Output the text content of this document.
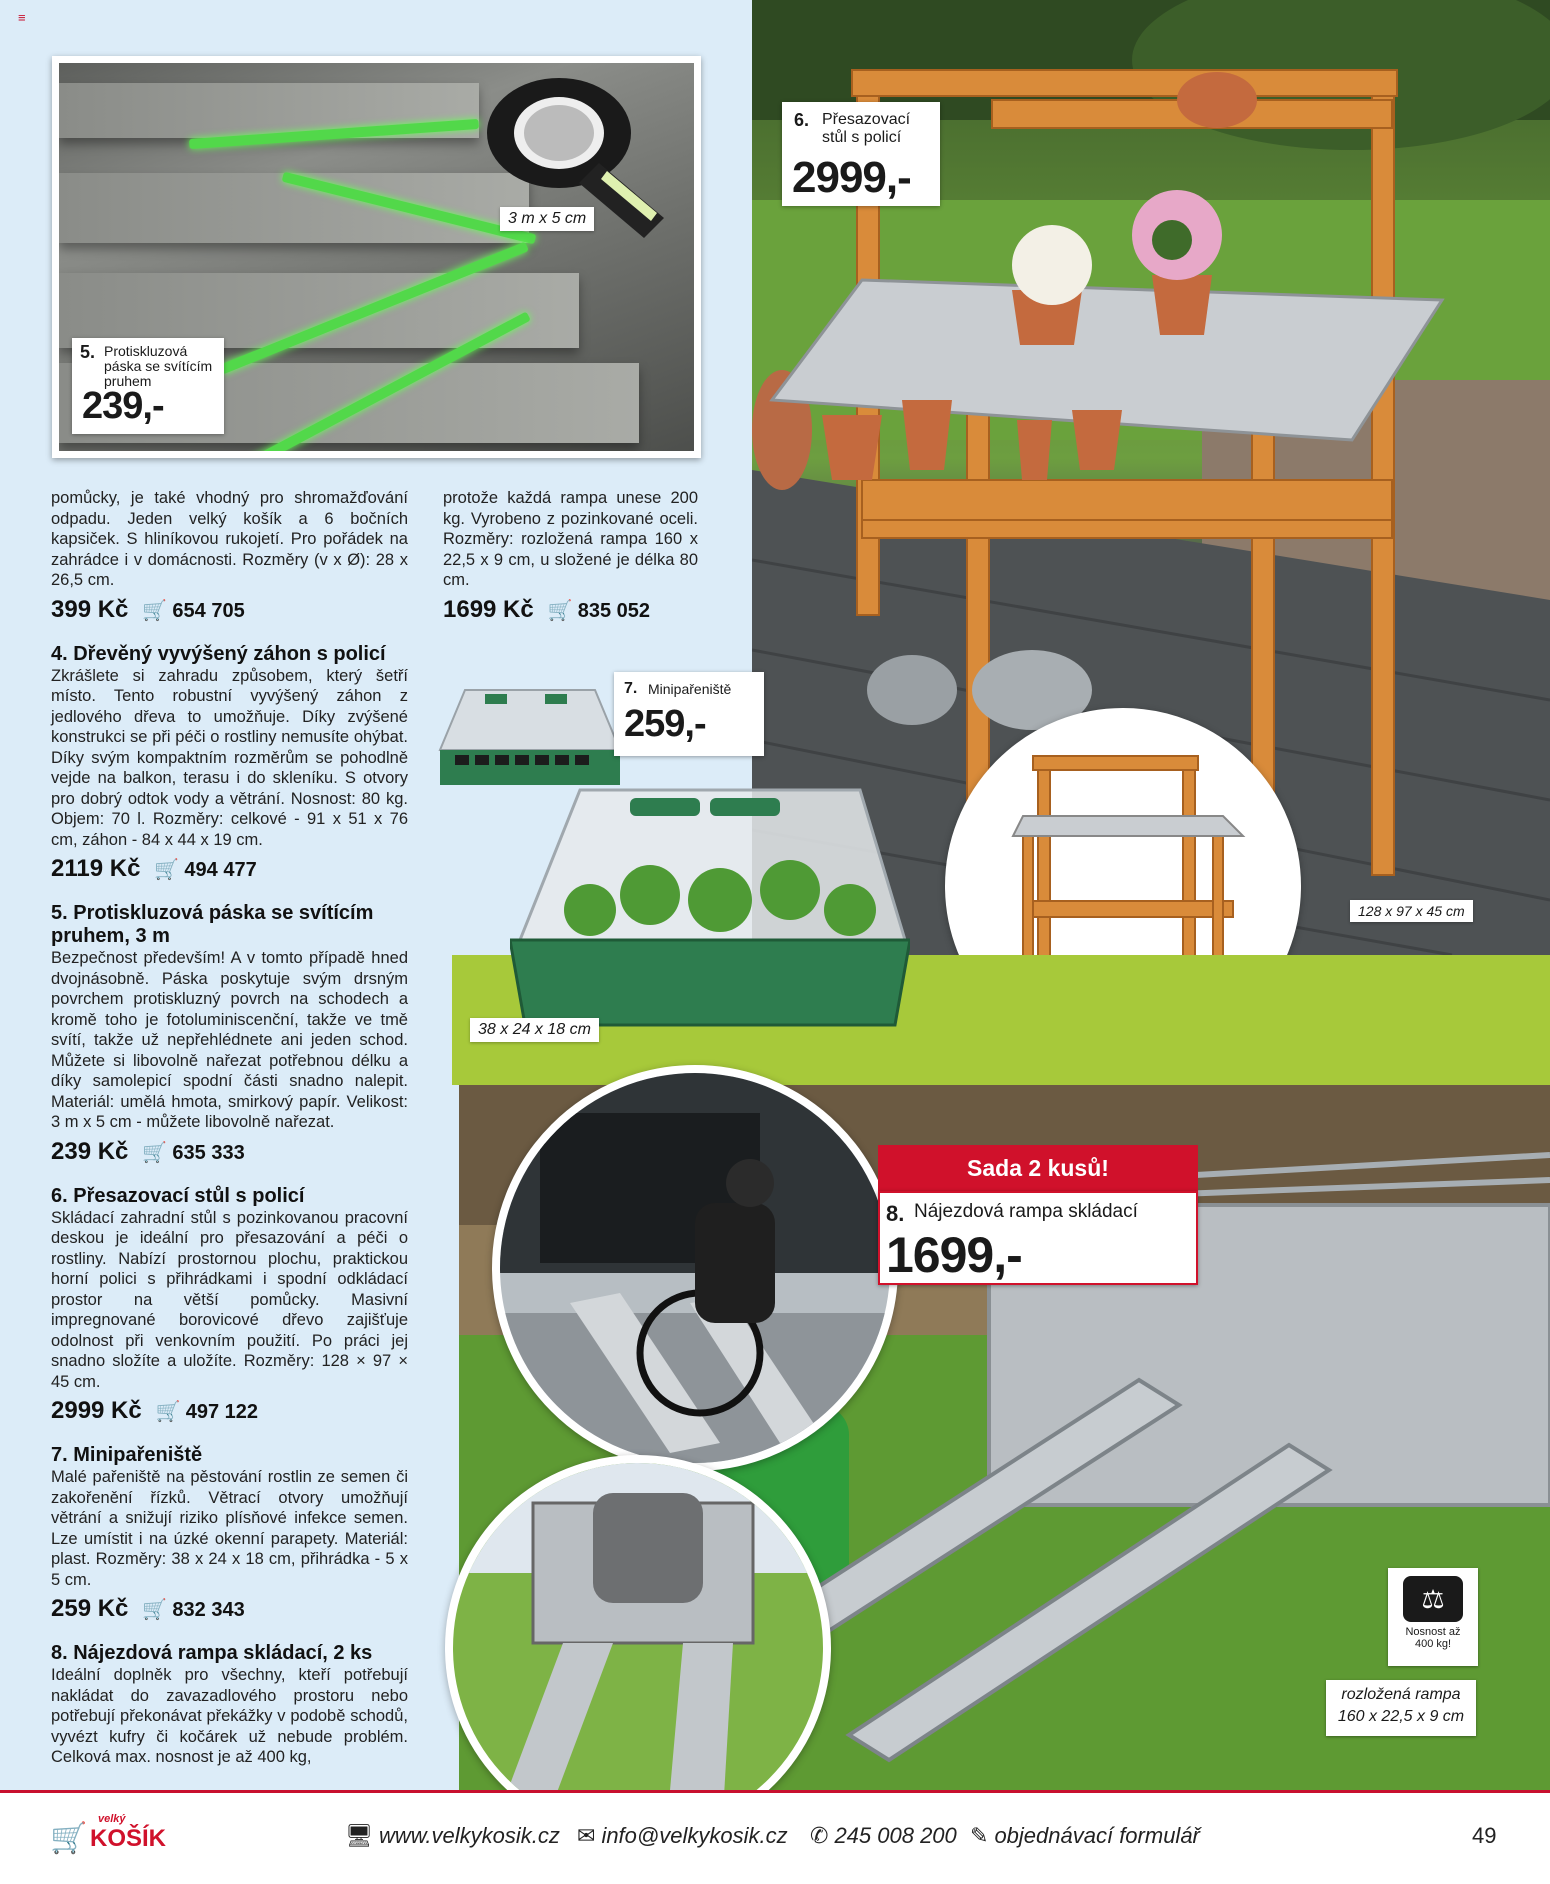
≡
3 m x 5 cm
5. Protiskluzová páska se svítícím pruhem
239,-
6. Přesazovací stůl s policí
2999,-
128 x 97 x 45 cm
7. Minipařeniště
259,-
38 x 24 x 18 cm
Sada 2 kusů!
8. Nájezdová rampa skládací
1699,-
⚖
Nosnost až 400 kg!
rozložená rampa
160 x 22,5 x 9 cm
pomůcky, je také vhodný pro shromažďování odpadu. Jeden velký košík a 6 bočních kapsiček. S hliníkovou rukojetí. Pro pořádek na zahrádce i v domácnosti. Rozměry (v x Ø): 28 x 26,5 cm.
399 Kč 🛒 654 705
4. Dřevěný vyvýšený záhon s policí
Zkrášlete si zahradu způsobem, který šetří místo. Tento robustní vyvýšený záhon z jedlového dřeva to umožňuje. Díky zvýšené konstrukci se při péči o rostliny nemusíte ohýbat. Díky svým kompaktním rozměrům se pohodlně vejde na balkon, terasu i do skleníku. S otvory pro dobrý odtok vody a větrání. Nosnost: 80 kg. Objem: 70 l. Rozměry: celkové - 91 x 51 x 76 cm, záhon - 84 x 44 x 19 cm.
2119 Kč 🛒 494 477
5. Protiskluzová páska se svítícím pruhem, 3 m
Bezpečnost především! A v tomto případě hned dvojnásobně. Páska poskytuje svým drsným povrchem protiskluzný povrch na schodech a kromě toho je fotoluminiscenční, takže ve tmě svítí, takže už nepřehlédnete ani jeden schod. Můžete si libovolně nařezat potřebnou délku a díky samolepicí spodní části snadno nalepit. Materiál: umělá hmota, smirkový papír. Velikost: 3 m x 5 cm - můžete libovolně nařezat.
239 Kč 🛒 635 333
6. Přesazovací stůl s policí
Skládací zahradní stůl s pozinkovanou pracovní deskou je ideální pro přesazování a péči o rostliny. Nabízí prostornou plochu, praktickou horní polici s přihrádkami i spodní odkládací prostor na větší pomůcky. Masivní impregnované borovicové dřevo zajišťuje odolnost při venkovním použití. Po práci jej snadno složíte a uložíte. Rozměry: 128 × 97 × 45 cm.
2999 Kč 🛒 497 122
7. Minipařeniště
Malé pařeniště na pěstování rostlin ze semen či zakořenění řízků. Větrací otvory umožňují větrání a snižují riziko plísňové infekce semen. Lze umístit i na úzké okenní parapety. Materiál: plast. Rozměry: 38 x 24 x 18 cm, přihrádka - 5 x 5 cm.
259 Kč 🛒 832 343
8. Nájezdová rampa skládací, 2 ks
Ideální doplněk pro všechny, kteří potřebují nakládat do zavazadlového prostoru nebo potřebují překonávat překážky v podobě schodů, vyvézt kufry či kočárek už nebude problém. Celková max. nosnost je až 400 kg,
protože každá rampa unese 200 kg. Vyrobeno z pozinkované oceli. Rozměry: rozložená rampa 160 x 22,5 x 9 cm, u složené je délka 80 cm.
1699 Kč 🛒 835 052
🛒
velký
KOŠÍK	🖥 www.velkykosik.cz ✉ info@velkykosik.cz ✆ 245 008 200 ✎ objednávací formulář	49
